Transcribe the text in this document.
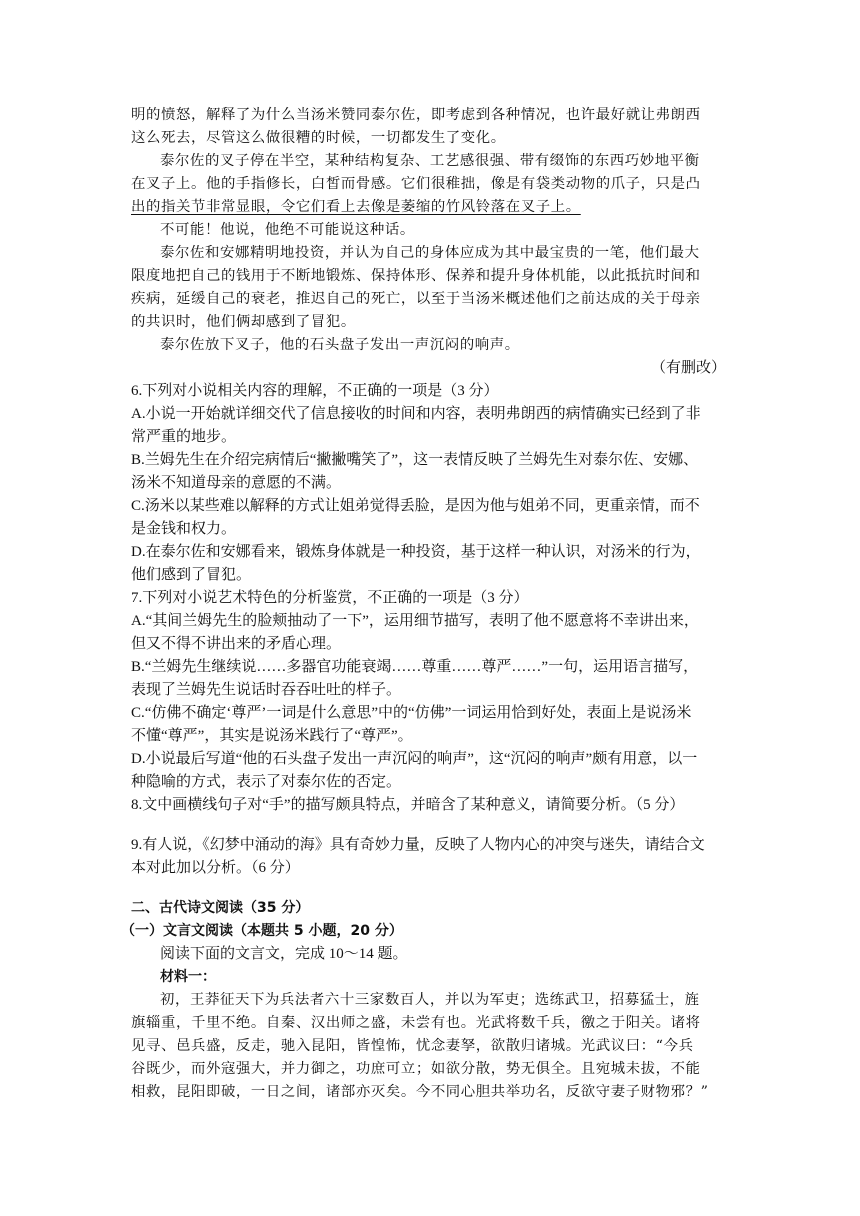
明的愤怒，解释了为什么当汤米赞同泰尔佐，即考虑到各种情况，也许最好就让弗朗西
这么死去，尽管这么做很糟的时候，一切都发生了变化。
泰尔佐的叉子停在半空，某种结构复杂、工艺感很强、带有缀饰的东西巧妙地平衡
在叉子上。他的手指修长，白皙而骨感。它们很稚拙，像是有袋类动物的爪子，只是凸
出的指关节非常显眼，令它们看上去像是萎缩的竹风铃落在叉子上。
不可能！他说，他绝不可能说这种话。
泰尔佐和安娜精明地投资，并认为自己的身体应成为其中最宝贵的一笔，他们最大
限度地把自己的钱用于不断地锻炼、保持体形、保养和提升身体机能，以此抵抗时间和
疾病，延缓自己的衰老，推迟自己的死亡，以至于当汤米概述他们之前达成的关于母亲
的共识时，他们俩却感到了冒犯。
泰尔佐放下叉子，他的石头盘子发出一声沉闷的响声。
（有删改）
6.下列对小说相关内容的理解，不正确的一项是（3 分）
A.小说一开始就详细交代了信息接收的时间和内容，表明弗朗西的病情确实已经到了非
常严重的地步。
B.兰姆先生在介绍完病情后“撇撇嘴笑了”，这一表情反映了兰姆先生对泰尔佐、安娜、
汤米不知道母亲的意愿的不满。
C.汤米以某些难以解释的方式让姐弟觉得丢脸，是因为他与姐弟不同，更重亲情，而不
是金钱和权力。
D.在泰尔佐和安娜看来，锻炼身体就是一种投资，基于这样一种认识，对汤米的行为，
他们感到了冒犯。
7.下列对小说艺术特色的分析鉴赏，不正确的一项是（3 分）
A.“其间兰姆先生的脸颊抽动了一下”，运用细节描写，表明了他不愿意将不幸讲出来，
但又不得不讲出来的矛盾心理。
B.“兰姆先生继续说……多器官功能衰竭……尊重……尊严……”一句，运用语言描写，
表现了兰姆先生说话时吞吞吐吐的样子。
C.“仿佛不确定‘尊严’一词是什么意思”中的“仿佛”一词运用恰到好处，表面上是说汤米
不懂“尊严”，其实是说汤米践行了“尊严”。
D.小说最后写道“他的石头盘子发出一声沉闷的响声”，这“沉闷的响声”颇有用意，以一
种隐喻的方式，表示了对泰尔佐的否定。
8.文中画横线句子对“手”的描写颇具特点，并暗含了某种意义，请简要分析。（5 分）
9.有人说，《幻梦中涌动的海》具有奇妙力量，反映了人物内心的冲突与迷失，请结合文
本对此加以分析。（6 分）
二、古代诗文阅读（35 分）
（一）文言文阅读（本题共 5 小题，20 分）
阅读下面的文言文，完成 10～14 题。
材料一：
初，王莽征天下为兵法者六十三家数百人，并以为军吏；选练武卫，招募猛士，旌
旗辎重，千里不绝。自秦、汉出师之盛，未尝有也。光武将数千兵，徼之于阳关。诸将
见寻、邑兵盛，反走，驰入昆阳，皆惶怖，忧念妻孥，欲散归诸城。光武议曰：“今兵
谷既少，而外寇强大，并力御之，功庶可立；如欲分散，势无俱全。且宛城未拔，不能
相救，昆阳即破，一日之间，诸部亦灭矣。今不同心胆共举功名，反欲守妻子财物邪？”
